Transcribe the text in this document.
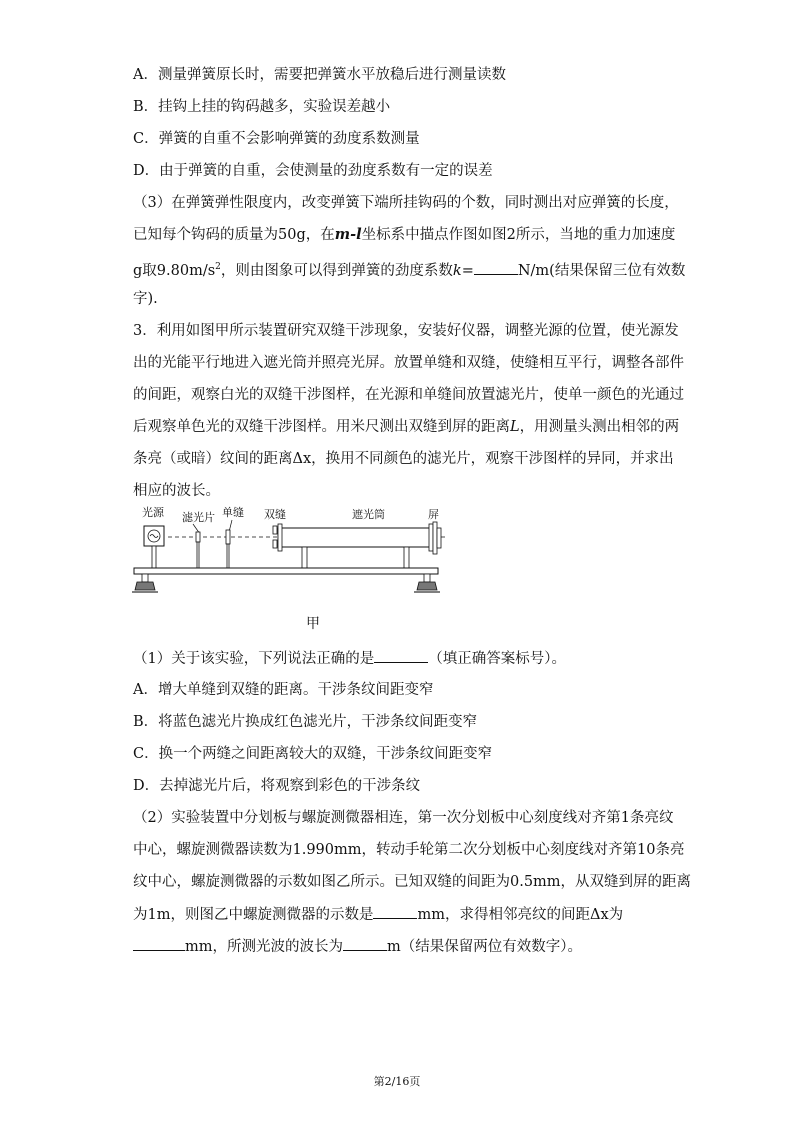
A．测量弹簧原长时，需要把弹簧水平放稳后进行测量读数
B．挂钩上挂的钩码越多，实验误差越小
C．弹簧的自重不会影响弹簧的劲度系数测量
D．由于弹簧的自重，会使测量的劲度系数有一定的误差
（3）在弹簧弹性限度内，改变弹簧下端所挂钩码的个数，同时测出对应弹簧的长度，
已知每个钩码的质量为50g，在m-l坐标系中描点作图如图2所示，当地的重力加速度
g取$9.80m/s^2$，则由图象可以得到弹簧的劲度系数k=	N/m(结果保留三位有效数
字).
3．利用如图甲所示装置研究双缝干涉现象，安装好仪器，调整光源的位置，使光源发
出的光能平行地进入遮光筒并照亮光屏。放置单缝和双缝，使缝相互平行，调整各部件
的间距，观察白光的双缝干涉图样，在光源和单缝间放置滤光片，使单一颜色的光通过
后观察单色光的双缝干涉图样。用米尺测出双缝到屏的距离L，用测量头测出相邻的两
条亮（或暗）纹间的距离Δx，换用不同颜色的滤光片，观察干涉图样的异同，并求出
相应的波长。
光源 滤光片 单缝 双缝	遮光筒	屏
甲
（1）关于该实验，下列说法正确的是	（填正确答案标号）。
A．增大单缝到双缝的距离。干涉条纹间距变窄
B．将蓝色滤光片换成红色滤光片，干涉条纹间距变窄
C．换一个两缝之间距离较大的双缝，干涉条纹间距变窄
D．去掉滤光片后，将观察到彩色的干涉条纹
（2）实验装置中分划板与螺旋测微器相连，第一次分划板中心刻度线对齐第1条亮纹
中心，螺旋测微器读数为1.990mm，转动手轮第二次分划板中心刻度线对齐第10条亮
纹中心，螺旋测微器的示数如图乙所示。已知双缝的间距为0.5mm，从双缝到屏的距离
为1m，则图乙中螺旋测微器的示数是	mm，求得相邻亮纹的间距Δx为
mm，所测光波的波长为	m（结果保留两位有效数字）。
第2/16页
